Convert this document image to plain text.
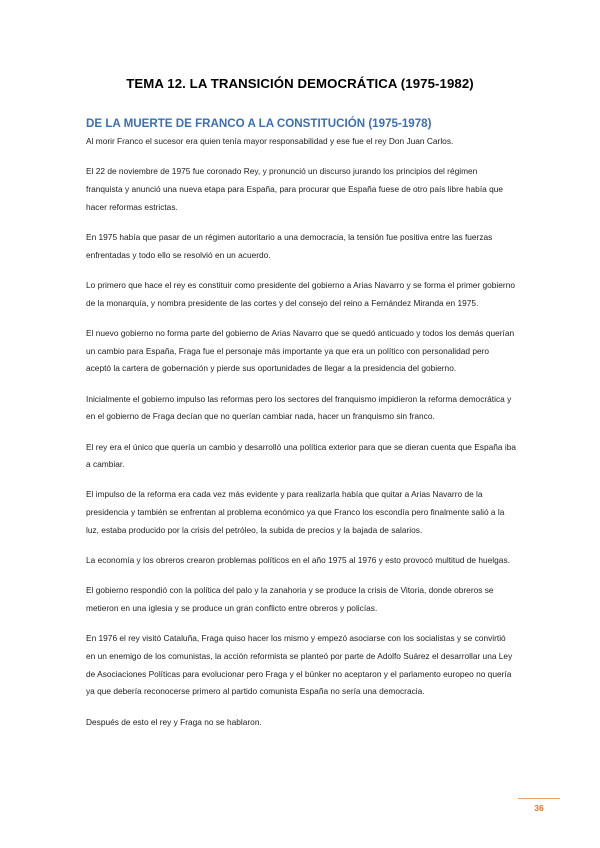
TEMA 12. LA TRANSICIÓN DEMOCRÁTICA (1975-1982)
DE LA MUERTE DE FRANCO A LA CONSTITUCIÓN (1975-1978)

Al morir Franco el sucesor era quien tenía mayor responsabilidad y ese fue el rey Don Juan Carlos.

El 22 de noviembre de 1975 fue coronado Rey, y pronunció un discurso jurando los principios del régimen franquista y anunció una nueva etapa para España, para procurar que España fuese de otro país libre había que hacer reformas estrictas.

En 1975 había que pasar de un régimen autoritario a una democracia, la tensión fue positiva entre las fuerzas enfrentadas y todo ello se resolvió en un acuerdo.

Lo primero que hace el rey es constituir como presidente del gobierno a Arias Navarro y se forma el primer gobierno de la monarquía, y nombra presidente de las cortes y del consejo del reino a Fernández Miranda en 1975.

El nuevo gobierno no forma parte del gobierno de Arias Navarro que se quedó anticuado y todos los demás querían un cambio para España, Fraga fue el personaje más importante ya que era un político con personalidad pero aceptó la cartera de gobernación y pierde sus oportunidades de llegar a la presidencia del gobierno.

Inicialmente el gobierno impulso las reformas pero los sectores del franquismo impidieron la reforma democrática y en el gobierno de Fraga decían que no querían cambiar nada, hacer un franquismo sin franco.

El rey era el único que quería un cambio y desarrolló una política exterior para que se dieran cuenta que España iba a cambiar.

El impulso de la reforma era cada vez más evidente y para realizarla había que quitar a Arias Navarro de la presidencia y también se enfrentan al problema económico ya que Franco los escondía pero finalmente salió a la luz, estaba producido por la crisis del petróleo, la subida de precios y la bajada de salarios.

La economía y los obreros crearon problemas políticos en el año 1975 al 1976 y esto provocó multitud de huelgas.

El gobierno respondió con la política del palo y la zanahoria y se produce la crisis de Vitoria, donde obreros se metieron en una iglesia y se produce un gran conflicto entre obreros y policías.

En 1976 el rey visitó Cataluña, Fraga quiso hacer los mismo y empezó asociarse con los socialistas y se convirtió en un enemigo de los comunistas, la acción reformista se planteó por parte de Adolfo Suárez el desarrollar una Ley de Asociaciones Políticas para evolucionar pero Fraga y el búnker no aceptaron y el parlamento europeo no quería ya que debería reconocerse primero al partido comunista España no sería una democracia.

Después de esto el rey y Fraga no se hablaron.

36
